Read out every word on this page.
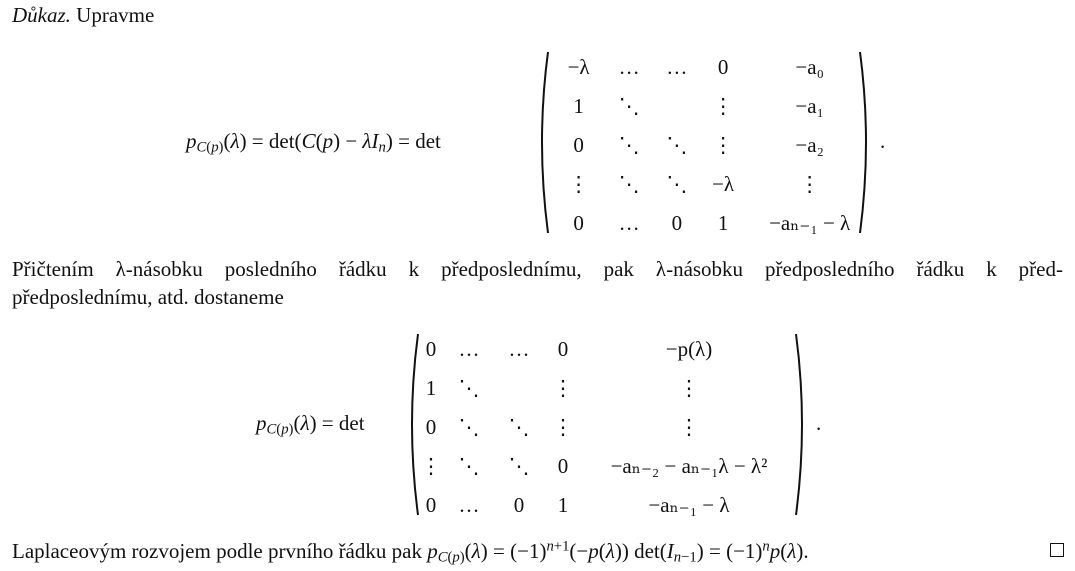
Důkaz. Upravme
$p_{C(p)}(\lambda) = \det(C(p) - \lambda I_n) = \det$
−λ	…	…	0	−a₀
1	⋱		⋮	−a₁
0	⋱	⋱	⋮	−a₂
⋮	⋱	⋱	−λ	⋮
0	…	0	1	−aₙ₋₁ − λ
.
Přičtením λ-násobku posledního řádku k předposlednímu, pak λ-násobku předposledního řádku k před-
předposlednímu, atd. dostaneme
$p_{C(p)}(\lambda) = \det$
0	…	…	0	−p(λ)
1	⋱		⋮	⋮
0	⋱	⋱	⋮	⋮
⋮	⋱	⋱	0	−aₙ₋₂ − aₙ₋₁λ − λ²
0	…	0	1	−aₙ₋₁ − λ
.
Laplaceovým rozvojem podle prvního řádku pak $p_{C(p)}(\lambda) = (-1)^{n+1}(-p(\lambda)) \det(I_{n-1}) = (-1)^np(\lambda)$.
